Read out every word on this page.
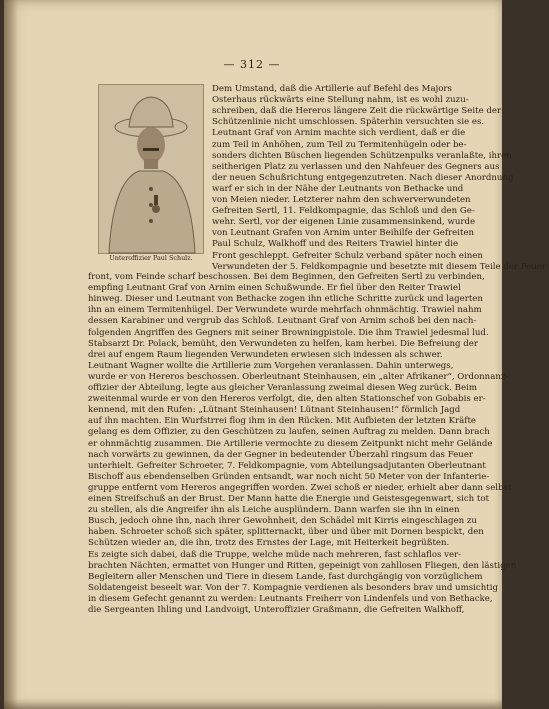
— 312 —
Unteroffizier Paul Schulz.
Dem Umstand, daß die Artillerie auf Befehl des Majors
Osterhaus rückwärts eine Stellung nahm, ist es wohl zuzu-
schreiben, daß die Hereros längere Zeit die rückwärtige Seite der
Schützenlinie nicht umschlossen. Späterhin versuchten sie es.
Leutnant Graf von Arnim machte sich verdient, daß er die
zum Teil in Anhöhen, zum Teil zu Termitenhügeln oder be-
sonders dichten Büschen liegenden Schützenpulks veranlaßte, ihren
seitherigen Platz zu verlassen und den Nahfeuer des Gegners aus
der neuen Schußrichtung entgegenzutreten. Nach dieser Anordnung
warf er sich in der Nähe der Leutnants von Bethacke und
von Meien nieder. Letzterer nahm den schwerverwundeten
Gefreiten Sertl, 11. Feldkompagnie, das Schloß und den Ge-
wehr. Sertl, vor der eigenen Linie zusammensinkend, wurde
von Leutnant Grafen von Arnim unter Beihilfe der Gefreiten
Paul Schulz, Walkhoff und des Reiters Trawiel hinter die
Front geschleppt. Gefreiter Schulz verband später noch einen
Verwundeten der 5. Feldkompagnie und besetzte mit diesem Teile der Feuer-
front, vom Feinde scharf beschossen. Bei dem Beginnen, den Gefreiten Sertl zu verbinden,
empfing Leutnant Graf von Arnim einen Schußwunde. Er fiel über den Reiter Trawiel
hinweg. Dieser und Leutnant von Bethacke zogen ihn etliche Schritte zurück und lagerten
ihn an einem Termitenhügel. Der Verwundete wurde mehrfach ohnmächtig. Trawiel nahm
dessen Karabiner und vergrub das Schloß. Leutnant Graf von Arnim schoß bei den nach-
folgenden Angriffen des Gegners mit seiner Browningpistole. Die ihm Trawiel jedesmal lud.
Stabsarzt Dr. Polack, bemüht, den Verwundeten zu helfen, kam herbei. Die Befreiung der
drei auf engem Raum liegenden Verwundeten erwiesen sich indessen als schwer.
Leutnant Wagner wollte die Artillerie zum Vorgehen veranlassen. Dahin unterwegs,
wurde er von Hereros beschossen. Oberleutnant Steinhausen, ein „alter Afrikaner“, Ordonnanz-
offizier der Abteilung, legte aus gleicher Veranlassung zweimal diesen Weg zurück. Beim
zweitenmal wurde er von den Hereros verfolgt, die, den alten Stationschef von Gobabis er-
kennend, mit den Rufen: „Lütnant Steinhausen! Lütnant Steinhausen!“ förmlich Jagd
auf ihn machten. Ein Wurfstrrei flog ihm in den Rücken. Mit Aufbieten der letzten Kräfte
gelang es dem Offizier, zu den Geschützen zu laufen, seinen Auftrag zu melden. Dann brach
er ohnmächtig zusammen. Die Artillerie vermochte zu diesem Zeitpunkt nicht mehr Gelände
nach vorwärts zu gewinnen, da der Gegner in bedeutender Überzahl ringsum das Feuer
unterhielt. Gefreiter Schroeter, 7. Feldkompagnie, vom Abteilungsadjutanten Oberleutnant
Bischoff aus ebendenselben Gründen entsandt, war noch nicht 50 Meter von der Infanterie-
gruppe entfernt vom Hereros angegriffen worden. Zwei schoß er nieder, erhielt aber dann selbst
einen Streifschuß an der Brust. Der Mann hatte die Energie und Geistesgegenwart, sich tot
zu stellen, als die Angreifer ihn als Leiche ausplündern. Dann warfen sie ihn in einen
Busch, jedoch ohne ihn, nach ihrer Gewohnheit, den Schädel mit Kirris eingeschlagen zu
haben. Schroeter schoß sich später, splitternackt, über und über mit Dornen bespickt, den
Schützen wieder an, die ihn, trotz des Ernstes der Lage, mit Heiterkeit begrüßten.
Es zeigte sich dabei, daß die Truppe, welche müde nach mehreren, fast schlaflos ver-
brachten Nächten, ermattet von Hunger und Ritten, gepeinigt von zahllosen Fliegen, den lästigen
Begleitern aller Menschen und Tiere in diesem Lande, fast durchgängig von vorzüglichem
Soldatengeist beseelt war. Von der 7. Kompagnie verdienen als besonders brav und umsichtig
in diesem Gefecht genannt zu werden: Leutnants Freiherr von Lindenfels und von Bethacke,
die Sergeanten Ihling und Landvoigt, Unteroffizier Graßmann, die Gefreiten Walkhoff,
